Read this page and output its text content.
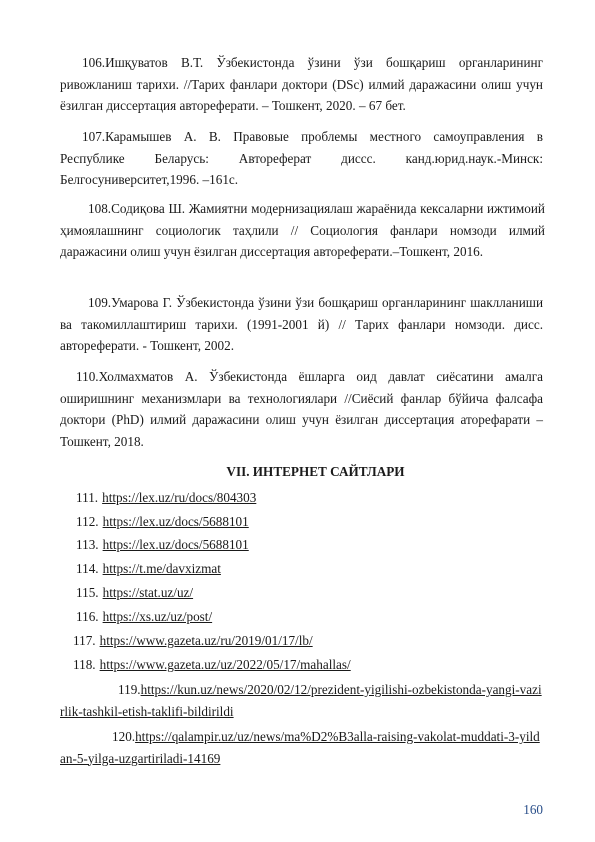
106.Ишқуватов В.Т. Ўзбекистонда ўзини ўзи бошқариш органларининг ривожланиш тарихи. //Тарих фанлари доктори (DSc) илмий даражасини олиш учун ёзилган диссертация автореферати. – Тошкент, 2020. – 67 бет.

107.Карамышев А. В. Правовые проблемы местного самоуправления в Республике Беларусь: Автореферат диссс. канд.юрид.наук.-Минск: Белгосуниверситет,1996. –161с.

108.Содиқова Ш. Жамиятни модернизациялаш жараёнида кексаларни ижтимоий ҳимоялашнинг социологик таҳлили // Социология фанлари номзоди илмий даражасини олиш учун ёзилган диссертация автореферати.–Тошкент, 2016.

109.Умарова Г. Ўзбекистонда ўзини ўзи бошқариш органларининг шаклланиши ва такомиллаштириш тарихи. (1991-2001 й) // Тарих фанлари номзоди. дисс. автореферати. - Тошкент, 2002.

110.Холмахматов А. Ўзбекистонда ёшларга оид давлат сиёсатини амалга оширишнинг механизмлари ва технологиялари //Сиёсий фанлар бўйича фалсафа доктори (PhD) илмий даражасини олиш учун ёзилган диссертация аторефарати – Тошкент, 2018.

VII. ИНТЕРНЕТ САЙТЛАРИ

111. https://lex.uz/ru/docs/804303
112. https://lex.uz/docs/5688101
113. https://lex.uz/docs/5688101
114. https://t.me/davxizmat
115. https://stat.uz/uz/
116. https://xs.uz/uz/post/
117. https://www.gazeta.uz/ru/2019/01/17/lb/
118. https://www.gazeta.uz/uz/2022/05/17/mahallas/
119.https://kun.uz/news/2020/02/12/prezident-yigilishi-ozbekistonda-yangi-vazirlik-tashkil-etish-taklifi-bildirildi
120.https://qalampir.uz/uz/news/ma%D2%B3alla-raising-vakolat-muddati-3-yildan-5-yilga-uzgartiriladi-14169
160
